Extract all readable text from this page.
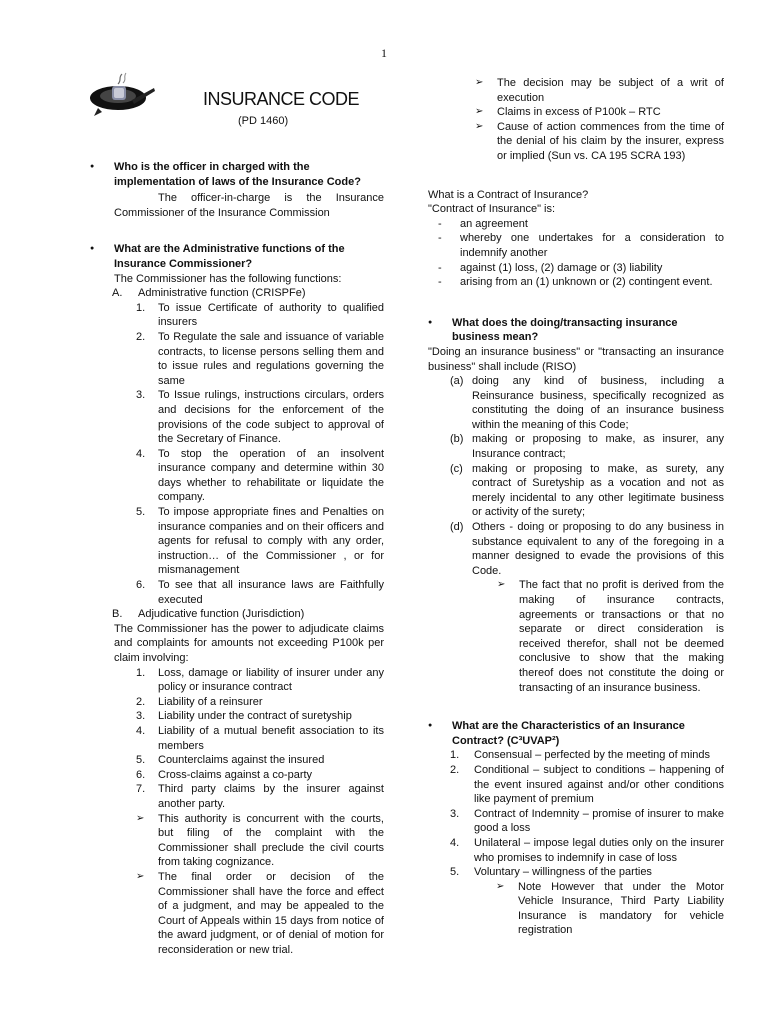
1
INSURANCE CODE
(PD 1460)

● Who is the officer in charged with the implementation of laws of the Insurance Code?

The officer-in-charge is the Insurance Commissioner of the Insurance Commission

● What are the Administrative functions of the Insurance Commissioner?

The Commissioner has the following functions:

A. Administrative function (CRISPFe)
1. To issue Certificate of authority to qualified insurers

2. To Regulate the sale and issuance of variable contracts, to license persons selling them and to issue rules and regulations governing the same

3. To Issue rulings, instructions circulars, orders and decisions for the enforcement of the provisions of the code subject to approval of the Secretary of Finance.

4. To stop the operation of an insolvent insurance company and determine within 30 days whether to rehabilitate or liquidate the company.

5. To impose appropriate fines and Penalties on insurance companies and on their officers and agents for refusal to comply with any order, instruction… of the Commissioner , or for mismanagement

6. To see that all insurance laws are Faithfully executed

B. Adjudicative function (Jurisdiction)

The Commissioner has the power to adjudicate claims and complaints for amounts not exceeding P100k per claim involving:

1. Loss, damage or liability of insurer under any policy or insurance contract

2. Liability of a reinsurer

3. Liability under the contract of suretyship

4. Liability of a mutual benefit association to its members

5. Counterclaims against the insured

6. Cross-claims against a co-party

7. Third party claims by the insurer against another party.

➢ This authority is concurrent with the courts, but filing of the complaint with the Commissioner shall preclude the civil courts from taking cognizance.

➢ The final order or decision of the Commissioner shall have the force and effect of a judgment, and may be appealed to the Court of Appeals within 15 days from notice of the award judgment, or of denial of motion for reconsideration or new trial.

➢ The decision may be subject of a writ of execution

➢ Claims in excess of P100k – RTC

➢ Cause of action commences from the time of the denial of his claim by the insurer, express or implied (Sun vs. CA 195 SCRA 193)

What is a Contract of Insurance?

"Contract of Insurance" is:

- an agreement

- whereby one undertakes for a consideration to indemnify another

- against (1) loss, (2) damage or (3) liability

- arising from an (1) unknown or (2) contingent event.

● What does the doing/transacting insurance business mean?

"Doing an insurance business" or "transacting an insurance business" shall include (RISO)

(a) doing any kind of business, including a Reinsurance business, specifically recognized as constituting the doing of an insurance business within the meaning of this Code;

(b) making or proposing to make, as insurer, any Insurance contract;

(c) making or proposing to make, as surety, any contract of Suretyship as a vocation and not as merely incidental to any other legitimate business or activity of the surety;

(d) Others - doing or proposing to do any business in substance equivalent to any of the foregoing in a manner designed to evade the provisions of this Code.

➢ The fact that no profit is derived from the making of insurance contracts, agreements or transactions or that no separate or direct consideration is received therefor, shall not be deemed conclusive to show that the making thereof does not constitute the doing or transacting of an insurance business.

● What are the Characteristics of an Insurance Contract? (C³UVAP²)

1. Consensual – perfected by the meeting of minds

2. Conditional – subject to conditions – happening of the event insured against and/or other conditions like payment of premium

3. Contract of Indemnity – promise of insurer to make good a loss

4. Unilateral – impose legal duties only on the insurer who promises to indemnify in case of loss

5. Voluntary – willingness of the parties

➢ Note However that under the Motor Vehicle Insurance, Third Party Liability Insurance is mandatory for vehicle registration
